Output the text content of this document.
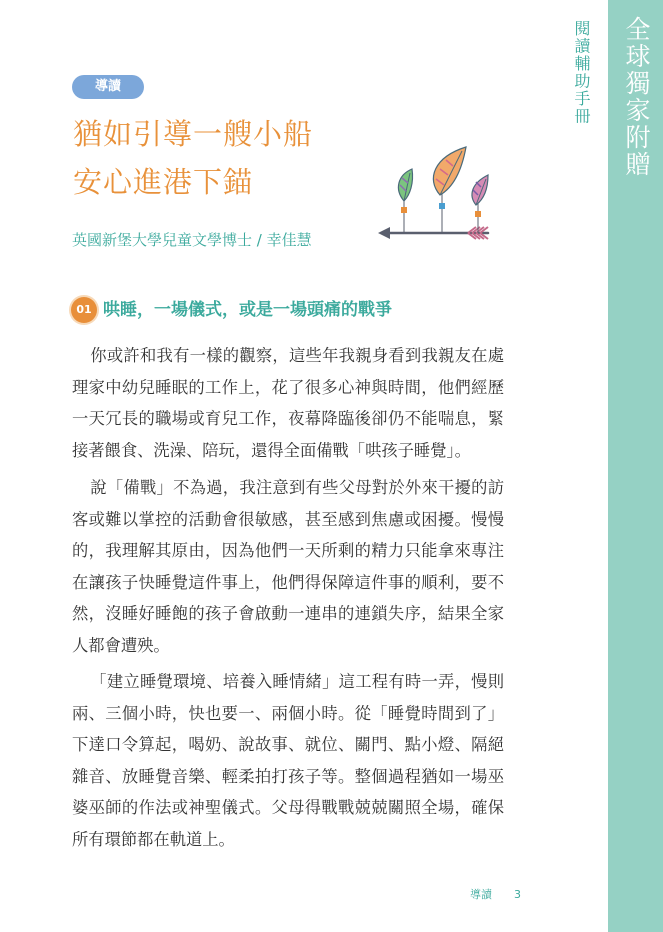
全球獨家附贈
閱讀輔助手冊
導讀
猶如引導一艘小船
安心進港下錨
英國新堡大學兒童文學博士 / 幸佳慧
01 哄睡，一場儀式，或是一場頭痛的戰爭

你或許和我有一樣的觀察，這些年我親身看到我親友在處理家中幼兒睡眠的工作上，花了很多心神與時間，他們經歷一天冗長的職場或育兒工作，夜幕降臨後卻仍不能喘息，緊接著餵食、洗澡、陪玩，還得全面備戰「哄孩子睡覺」。

說「備戰」不為過，我注意到有些父母對於外來干擾的訪客或難以掌控的活動會很敏感，甚至感到焦慮或困擾。慢慢的，我理解其原由，因為他們一天所剩的精力只能拿來專注在讓孩子快睡覺這件事上，他們得保障這件事的順利，要不然，沒睡好睡飽的孩子會啟動一連串的連鎖失序，結果全家人都會遭殃。

「建立睡覺環境、培養入睡情緒」這工程有時一弄，慢則兩、三個小時，快也要一、兩個小時。從「睡覺時間到了」下達口令算起，喝奶、說故事、就位、關門、點小燈、隔絕雜音、放睡覺音樂、輕柔拍打孩子等。整個過程猶如一場巫婆巫師的作法或神聖儀式。父母得戰戰兢兢關照全場，確保所有環節都在軌道上。

導讀	3
